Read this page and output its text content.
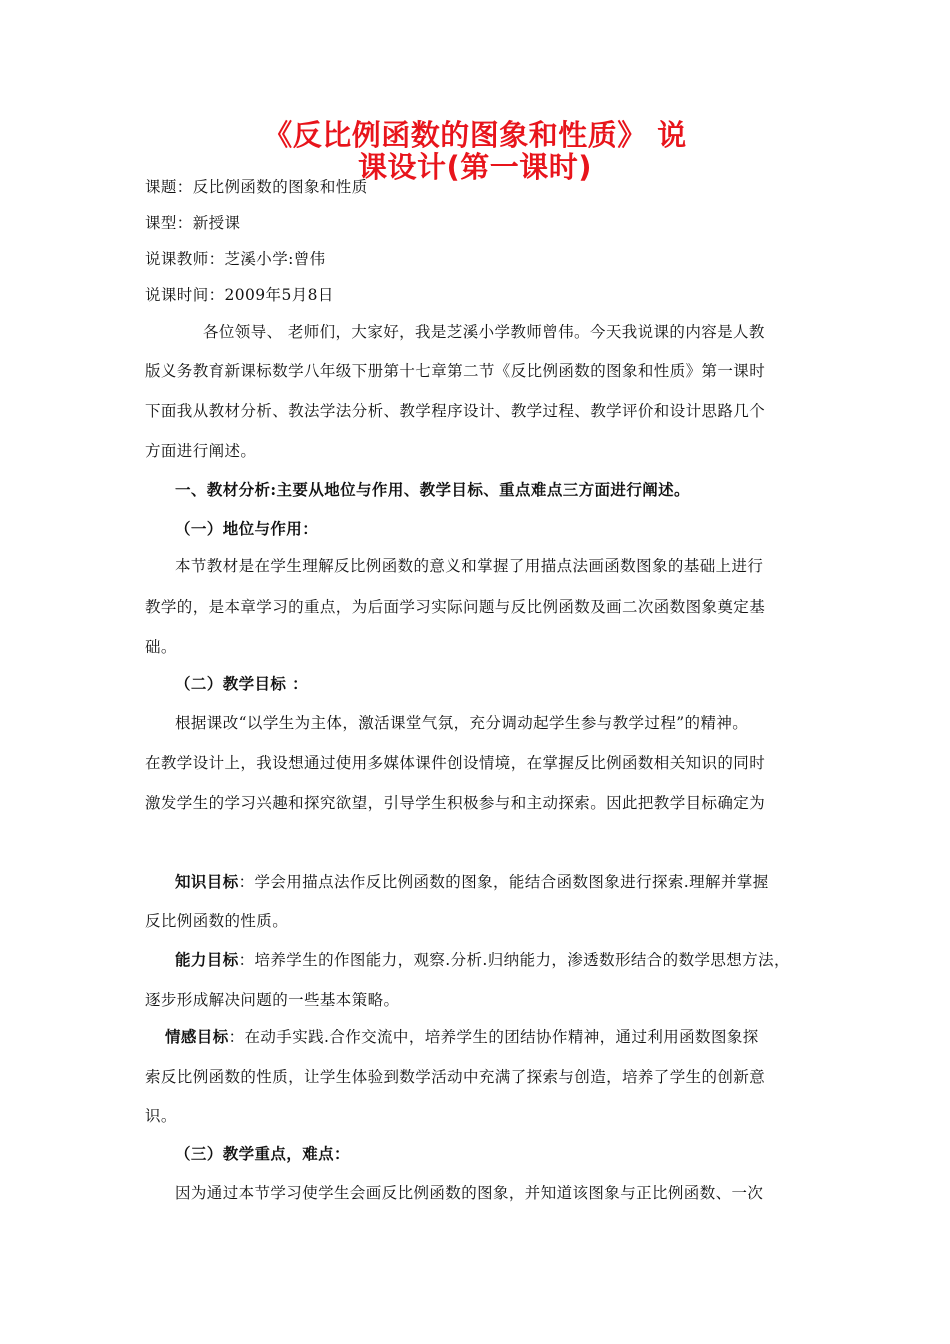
《反比例函数的图象和性质》 说
课设计(第一课时)
课题：反比例函数的图象和性质
课型：新授课
说课教师：芝溪小学:曾伟
说课时间：2009年5月8日
各位领导、 老师们，大家好，我是芝溪小学教师曾伟。今天我说课的内容是人教
版义务教育新课标数学八年级下册第十七章第二节《反比例函数的图象和性质》第一课时
下面我从教材分析、教法学法分析、教学程序设计、教学过程、教学评价和设计思路几个
方面进行阐述。
一、教材分析:主要从地位与作用、教学目标、重点难点三方面进行阐述。
（一）地位与作用：
本节教材是在学生理解反比例函数的意义和掌握了用描点法画函数图象的基础上进行
教学的，是本章学习的重点，为后面学习实际问题与反比例函数及画二次函数图象奠定基
础。
（二）教学目标 ：
根据课改“以学生为主体，激活课堂气氛，充分调动起学生参与教学过程”的精神。
在教学设计上，我设想通过使用多媒体课件创设情境，在掌握反比例函数相关知识的同时
激发学生的学习兴趣和探究欲望，引导学生积极参与和主动探索。因此把教学目标确定为
知识目标：学会用描点法作反比例函数的图象，能结合函数图象进行探索.理解并掌握
反比例函数的性质。
能力目标：培养学生的作图能力，观察.分析.归纳能力，渗透数形结合的数学思想方法，
逐步形成解决问题的一些基本策略。
情感目标：在动手实践.合作交流中，培养学生的团结协作精神，通过利用函数图象探
索反比例函数的性质，让学生体验到数学活动中充满了探索与创造，培养了学生的创新意
识。
（三）教学重点，难点：
因为通过本节学习使学生会画反比例函数的图象，并知道该图象与正比例函数、一次
